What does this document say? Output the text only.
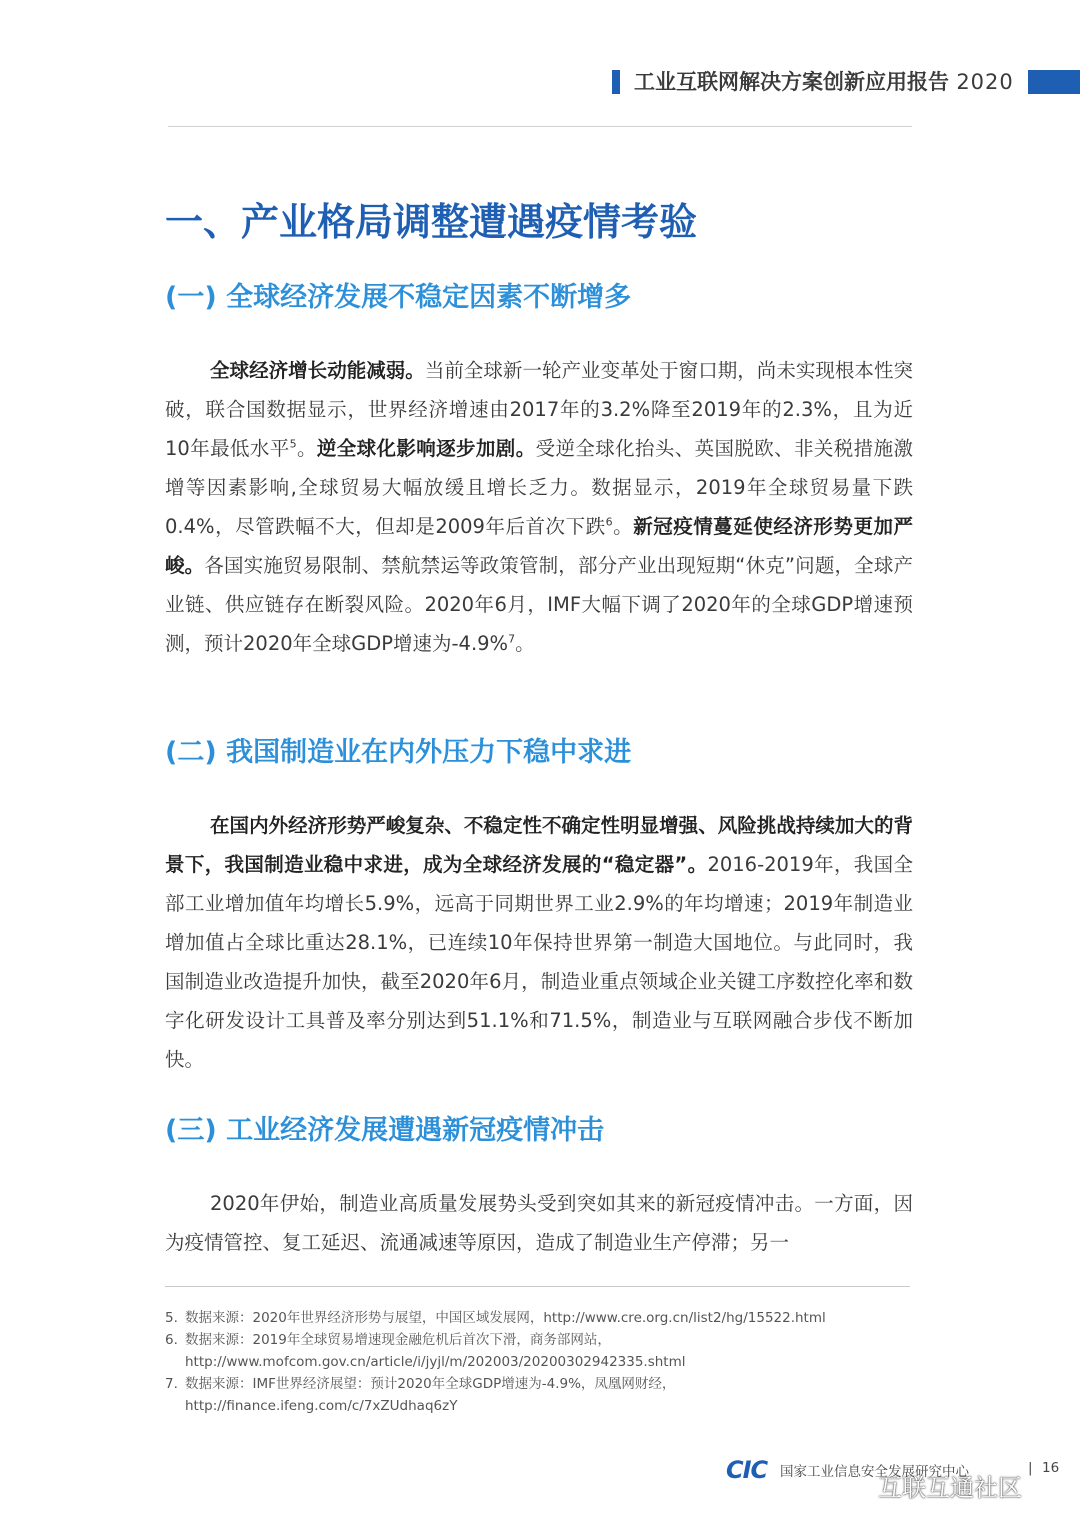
工业互联网解决方案创新应用报告 2020
一、产业格局调整遭遇疫情考验
(一) 全球经济发展不稳定因素不断增多

全球经济增长动能减弱。当前全球新一轮产业变革处于窗口期，尚未实现根本性突破，联合国数据显示，世界经济增速由2017年的3.2%降至2019年的2.3%，且为近10年最低水平$^5$。逆全球化影响逐步加剧。受逆全球化抬头、英国脱欧、非关税措施激增等因素影响,全球贸易大幅放缓且增长乏力。数据显示，2019年全球贸易量下跌0.4%，尽管跌幅不大，但却是2009年后首次下跌$^6$。新冠疫情蔓延使经济形势更加严峻。各国实施贸易限制、禁航禁运等政策管制，部分产业出现短期“休克”问题，全球产业链、供应链存在断裂风险。2020年6月，IMF大幅下调了2020年的全球GDP增速预测，预计2020年全球GDP增速为-4.9%$^7$。

(二) 我国制造业在内外压力下稳中求进

在国内外经济形势严峻复杂、不稳定性不确定性明显增强、风险挑战持续加大的背景下，我国制造业稳中求进，成为全球经济发展的“稳定器”。2016-2019年，我国全部工业增加值年均增长5.9%，远高于同期世界工业2.9%的年均增速；2019年制造业增加值占全球比重达28.1%，已连续10年保持世界第一制造大国地位。与此同时，我国制造业改造提升加快，截至2020年6月，制造业重点领域企业关键工序数控化率和数字化研发设计工具普及率分别达到51.1%和71.5%，制造业与互联网融合步伐不断加快。

(三) 工业经济发展遭遇新冠疫情冲击

2020年伊始，制造业高质量发展势头受到突如其来的新冠疫情冲击。一方面，因为疫情管控、复工延迟、流通减速等原因，造成了制造业生产停滞；另一

5. 数据来源：2020年世界经济形势与展望，中国区域发展网，http://www.cre.org.cn/list2/hg/15522.html

6. 数据来源：2019年全球贸易增速现金融危机后首次下滑，商务部网站，http://www.mofcom.gov.cn/article/i/jyjl/m/202003/20200302942335.shtml

7. 数据来源：IMF世界经济展望：预计2020年全球GDP增速为-4.9%，凤凰网财经，http://finance.ifeng.com/c/7xZUdhaq6zY

CIC 国家工业信息安全发展研究中心	| 16
互联互通社区
